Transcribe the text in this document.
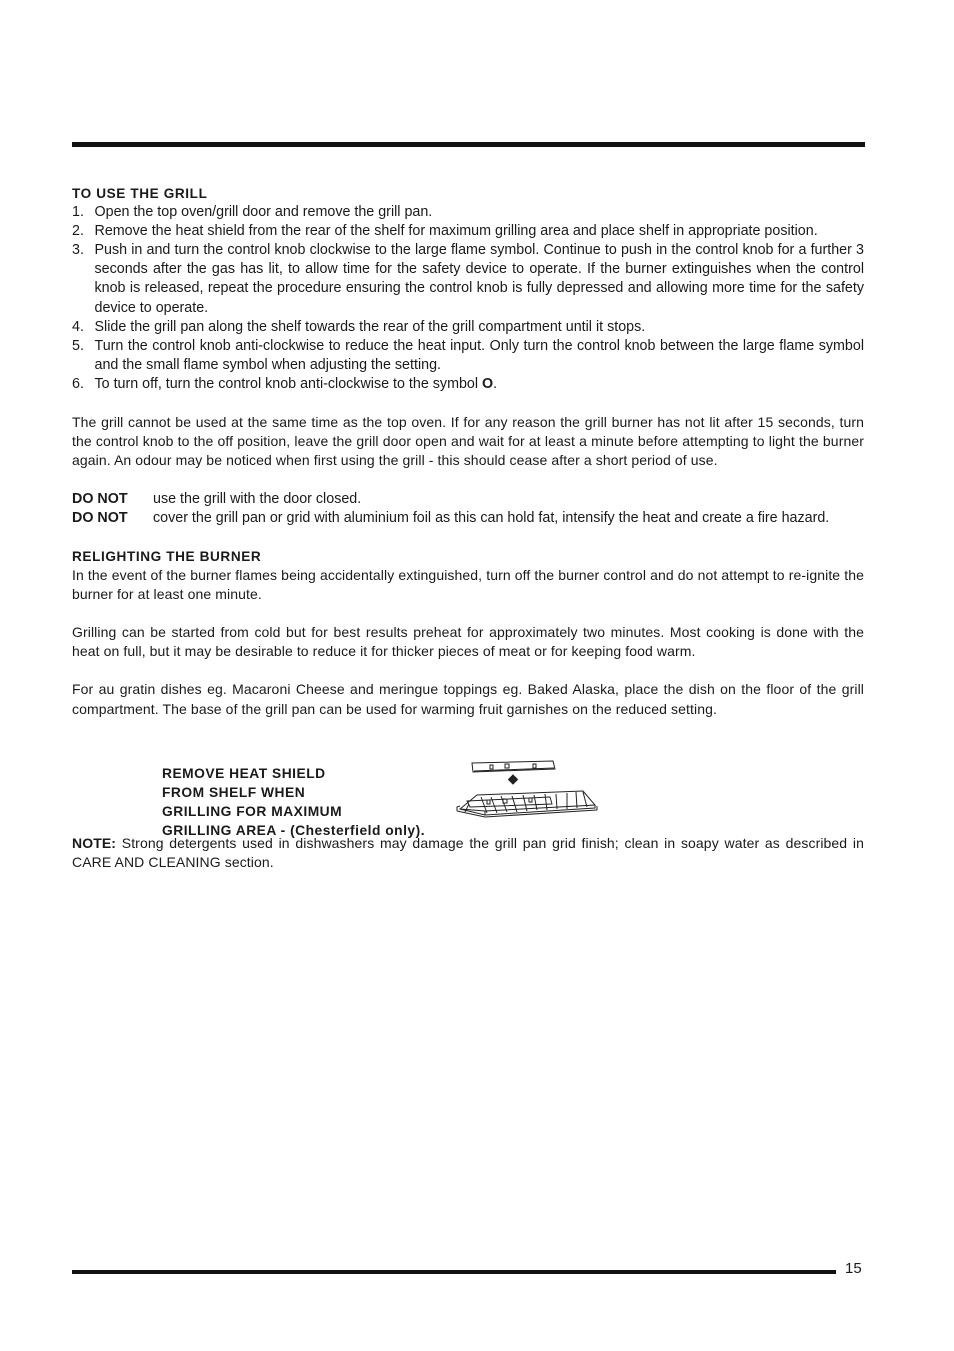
TO USE THE GRILL
1. Open the top oven/grill door and remove the grill pan.
2. Remove the heat shield from the rear of the shelf for maximum grilling area and place shelf in appropriate position.
3. Push in and turn the control knob clockwise to the large flame symbol. Continue to push in the control knob for a further 3 seconds after the gas has lit, to allow time for the safety device to operate. If the burner extinguishes when the control knob is released, repeat the procedure ensuring the control knob is fully depressed and allowing more time for the safety device to operate.
4. Slide the grill pan along the shelf towards the rear of the grill compartment until it stops.
5. Turn the control knob anti-clockwise to reduce the heat input. Only turn the control knob between the large flame symbol and the small flame symbol when adjusting the setting.
6. To turn off, turn the control knob anti-clockwise to the symbol O.

The grill cannot be used at the same time as the top oven. If for any reason the grill burner has not lit after 15 seconds, turn the control knob to the off position, leave the grill door open and wait for at least a minute before attempting to light the burner again. An odour may be noticed when first using the grill - this should cease after a short period of use.

DO NOT	use the grill with the door closed.
DO NOT	cover the grill pan or grid with aluminium foil as this can hold fat, intensify the heat and create a fire hazard.
RELIGHTING THE BURNER

In the event of the burner flames being accidentally extinguished, turn off the burner control and do not attempt to re-ignite the burner for at least one minute.

Grilling can be started from cold but for best results preheat for approximately two minutes. Most cooking is done with the heat on full, but it may be desirable to reduce it for thicker pieces of meat or for keeping food warm.

For au gratin dishes eg. Macaroni Cheese and meringue toppings eg. Baked Alaska, place the dish on the floor of the grill compartment. The base of the grill pan can be used for warming fruit garnishes on the reduced setting.

REMOVE HEAT SHIELD
FROM SHELF WHEN
GRILLING FOR MAXIMUM
GRILLING AREA - (Chesterfield only).

NOTE: Strong detergents used in dishwashers may damage the grill pan grid finish; clean in soapy water as described in CARE AND CLEANING section.

15
